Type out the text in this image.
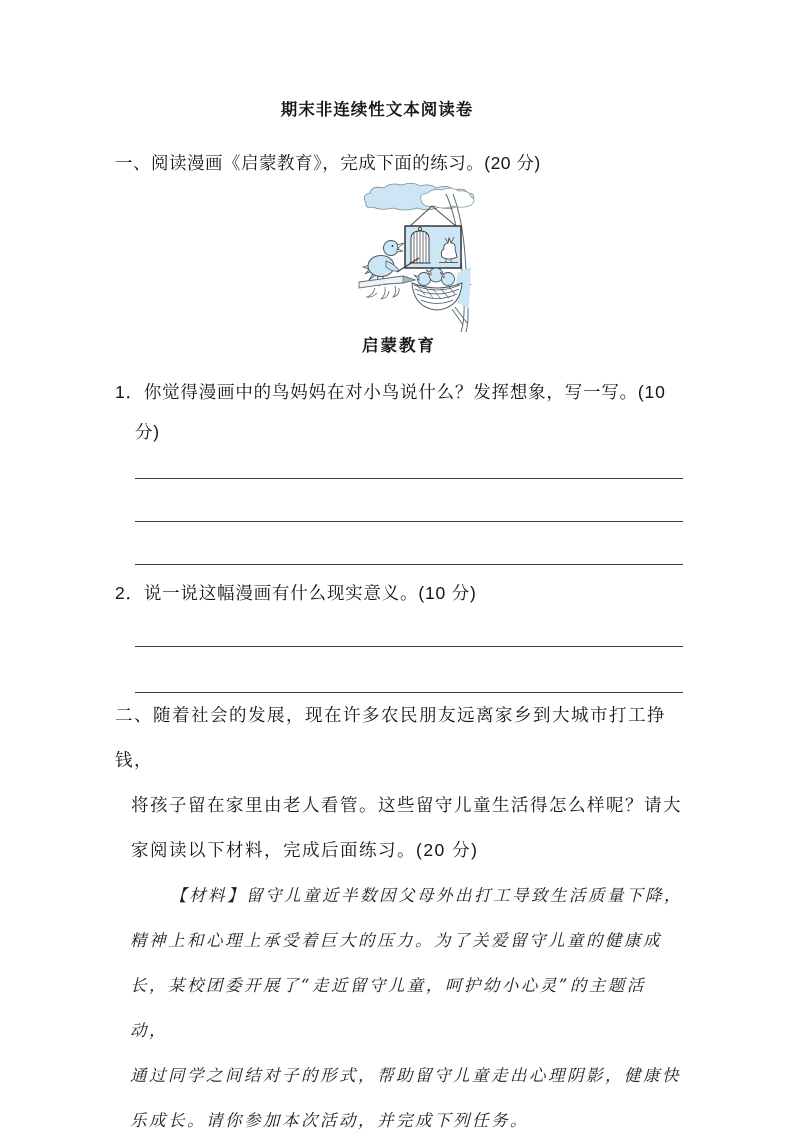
期末非连续性文本阅读卷
一、阅读漫画《启蒙教育》，完成下面的练习。(20 分)
启蒙教育
1．你觉得漫画中的鸟妈妈在对小鸟说什么？发挥想象，写一写。(10
分)
2．说一说这幅漫画有什么现实意义。(10 分)
二、随着社会的发展，现在许多农民朋友远离家乡到大城市打工挣钱，
将孩子留在家里由老人看管。这些留守儿童生活得怎么样呢？请大
家阅读以下材料，完成后面练习。(20 分)
【材料】留守儿童近半数因父母外出打工导致生活质量下降，
精神上和心理上承受着巨大的压力。为了关爱留守儿童的健康成
长，某校团委开展了“走近留守儿童，呵护幼小心灵”的主题活动，
通过同学之间结对子的形式，帮助留守儿童走出心理阴影，健康快
乐成长。请你参加本次活动，并完成下列任务。
